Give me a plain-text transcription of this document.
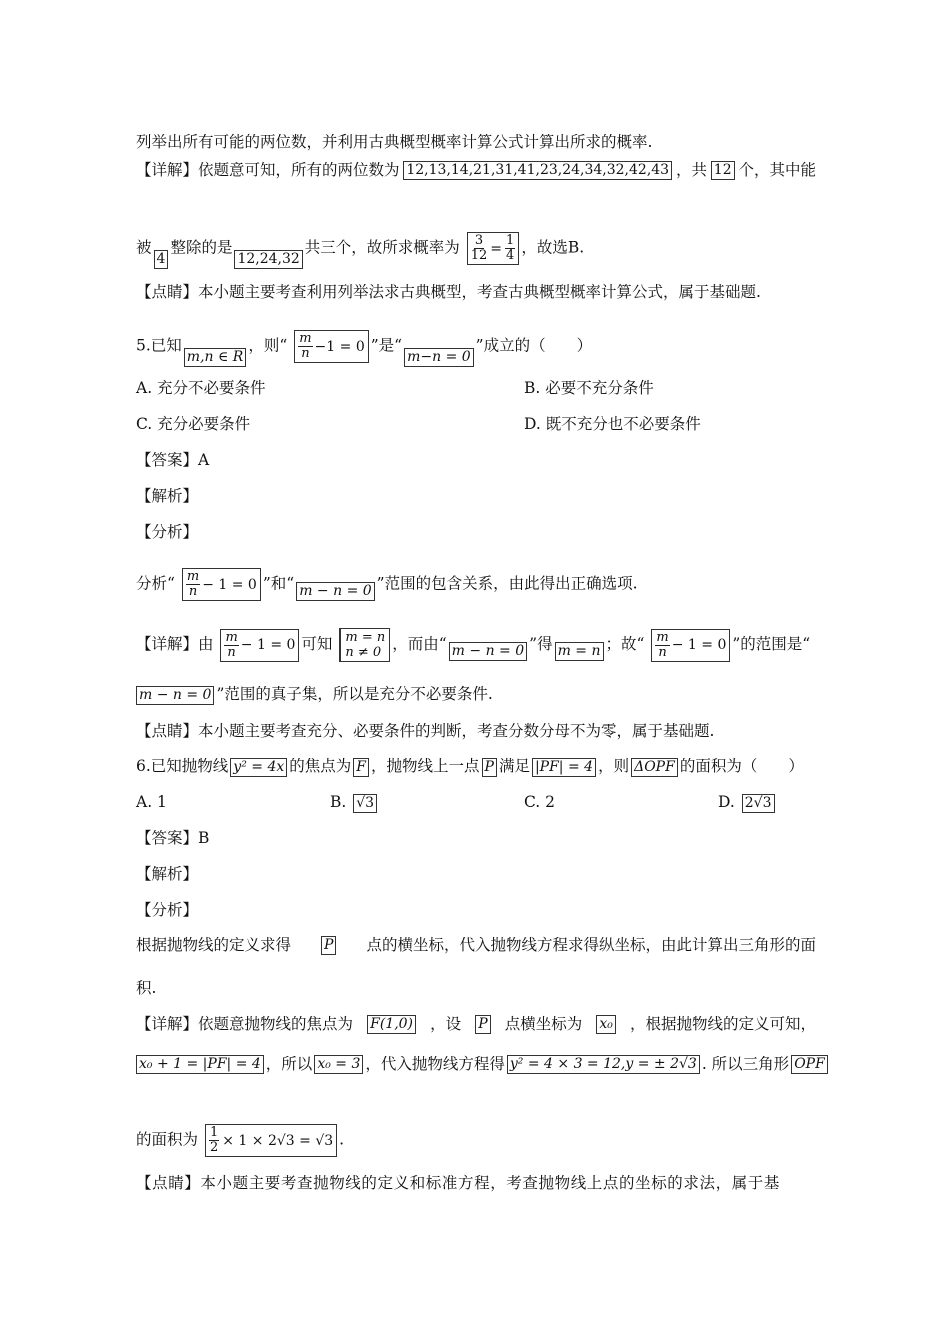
列举出所有可能的两位数，并利用古典概型概率计算公式计算出所求的概率.
【详解】依题意可知，所有的两位数为 12,13,14,21,31,41,23,24,34,32,42,43 ，共 12 个，其中能
被4整除的是12,24,32共三个，故所求概率为 $\frac{3}{12} = \frac{1}{4}$ ，故选B.
【点睛】本小题主要考查利用列举法求古典概型，考查古典概型概率计算公式，属于基础题.
5.已知m,n ∈ R，则“ $\frac{m}{n} -1 = 0$ ”是“m−n = 0”成立的（　　）
A. 充分不必要条件	B. 必要不充分条件
C. 充分必要条件	D. 既不充分也不必要条件
【答案】A
【解析】
【分析】
分析“ $\frac{m}{n} - 1 = 0$ ”和“ m − n = 0 ”范围的包含关系，由此得出正确选项.
【详解】由 $\frac{m}{n} - 1 = 0$ 可知 m = n
n ≠ 0 ，而由“ m − n = 0 ”得 m = n ；故“ $\frac{m}{n} - 1 = 0$ ”的范围是“
m − n = 0 ”范围的真子集，所以是充分不必要条件.
【点睛】本小题主要考查充分、必要条件的判断，考查分数分母不为零，属于基础题.
6.已知抛物线 y² = 4x 的焦点为 F ，抛物线上一点 P 满足 |PF| = 4 ，则 ΔOPF 的面积为（　　）
A. 1	B. √3	C. 2	D. 2√3
【答案】B
【解析】
【分析】
根据抛物线的定义求得 P 点的横坐标，代入抛物线方程求得纵坐标，由此计算出三角形的面
积.
【详解】依题意抛物线的焦点为 F(1,0) ，设 P 点横坐标为 x₀ ，根据抛物线的定义可知，
x₀ + 1 = |PF| = 4 ，所以 x₀ = 3 ，代入抛物线方程得 y² = 4 × 3 = 12,y = ± 2√3 . 所以三角形 OPF
的面积为 $\frac{1}{2} \times 1 \times 2√3 = √3$ .
【点睛】本小题主要考查抛物线的定义和标准方程，考查抛物线上点的坐标的求法，属于基
